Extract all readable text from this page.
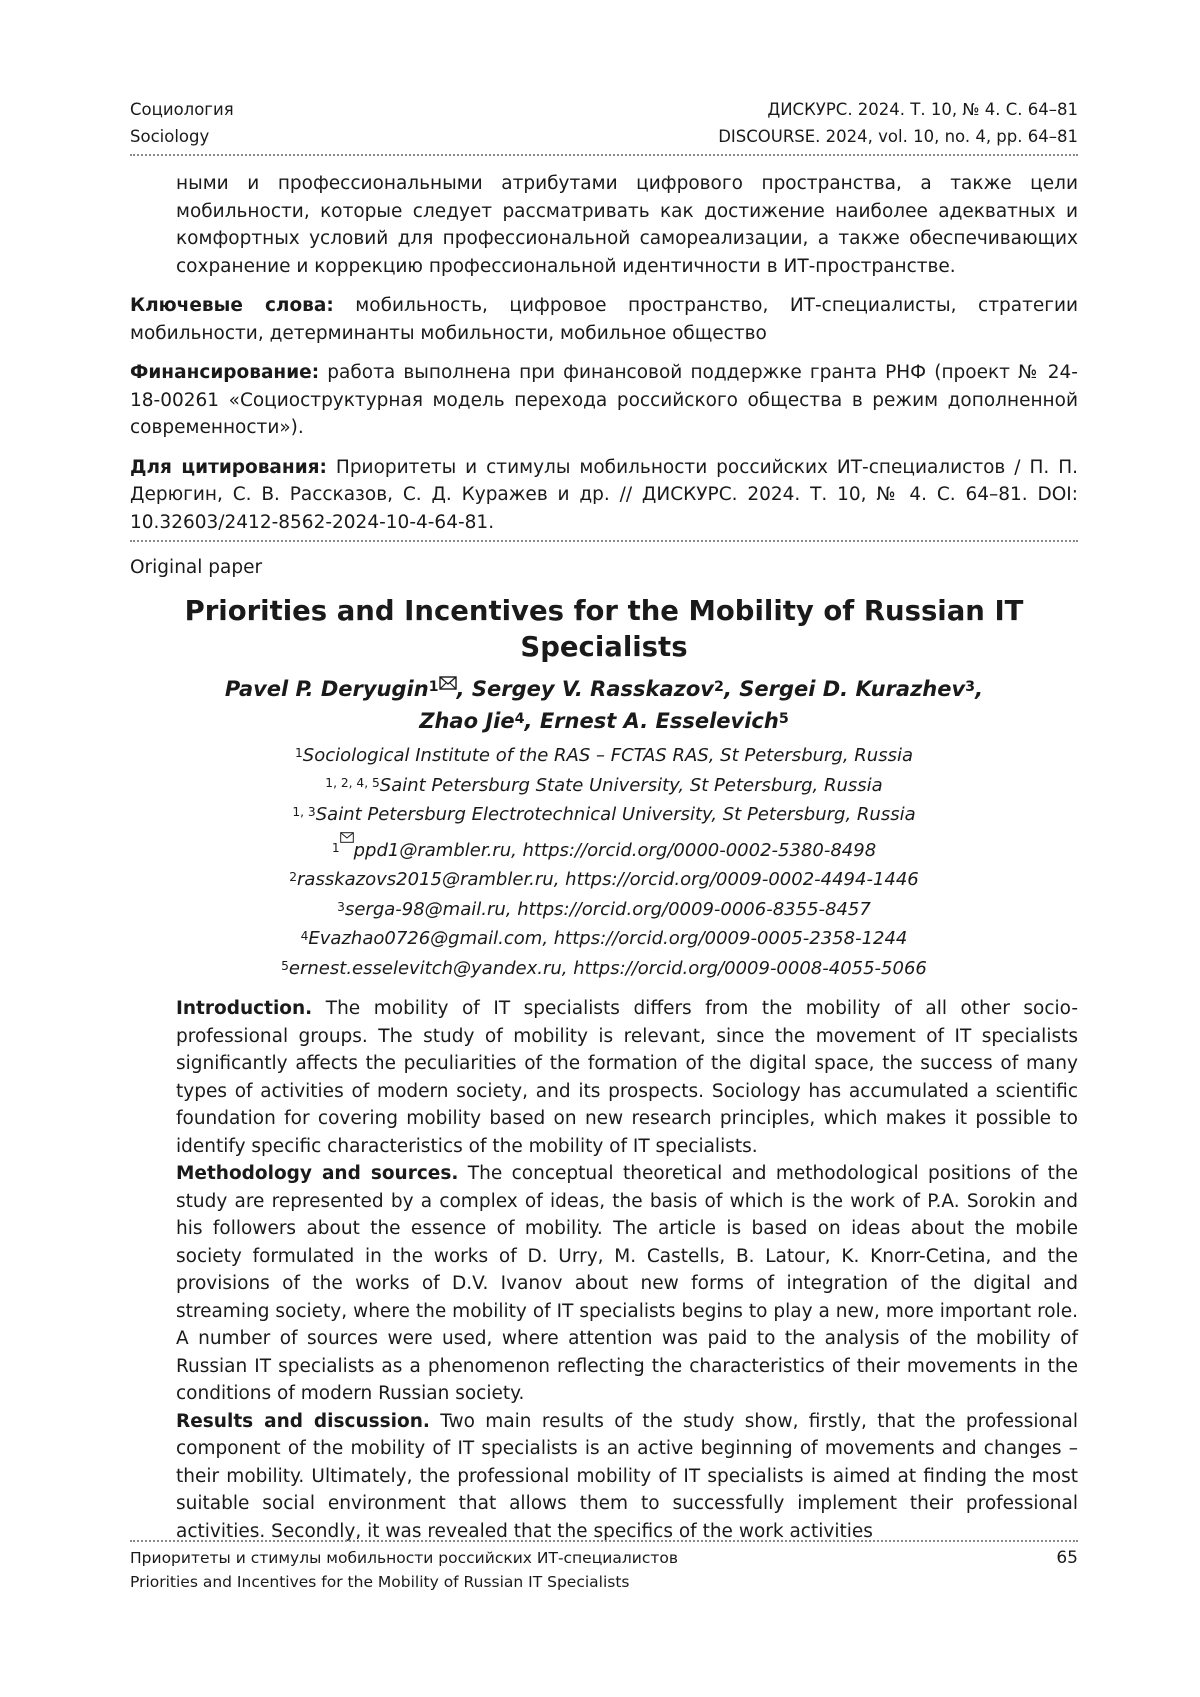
Социология
Sociology
ДИСКУРС. 2024. Т. 10, № 4. С. 64–81
DISCOURSE. 2024, vol. 10, no. 4, pp. 64–81

ными и профессиональными атрибутами цифрового пространства, а также цели мобильности, которые следует рассматривать как достижение наиболее адекватных и комфортных условий для профессиональной самореализации, а также обеспечивающих сохранение и коррекцию профессиональной идентичности в ИТ-пространстве.

Ключевые слова: мобильность, цифровое пространство, ИТ-специалисты, стратегии мобильности, детерминанты мобильности, мобильное общество

Финансирование: работа выполнена при финансовой поддержке гранта РНФ (проект № 24-18-00261 «Социоструктурная модель перехода российского общества в режим дополненной современности»).

Для цитирования: Приоритеты и стимулы мобильности российских ИТ-специалистов / П. П. Дерюгин, С. В. Рассказов, С. Д. Куражев и др. // ДИСКУРС. 2024. Т. 10, № 4. С. 64–81. DOI: 10.32603/2412-8562-2024-10-4-64-81.

Original paper
Priorities and Incentives for the Mobility of Russian IT Specialists
Pavel P. Deryugin$^1$ , Sergey V. Rasskazov$^2$, Sergei D. Kurazhev$^3$,
Zhao Jie$^4$, Ernest A. Esselevich$^5$
$^1$Sociological Institute of the RAS – FCTAS RAS, St Petersburg, Russia
$^{1, 2, 4, 5}$Saint Petersburg State University, St Petersburg, Russia
$^{1, 3}$Saint Petersburg Electrotechnical University, St Petersburg, Russia
$^1$ ppd1@rambler.ru, https://orcid.org/0000-0002-5380-8498
$^2$rasskazovs2015@rambler.ru, https://orcid.org/0009-0002-4494-1446
$^3$serga-98@mail.ru, https://orcid.org/0009-0006-8355-8457
$^4$Evazhao0726@gmail.com, https://orcid.org/0009-0005-2358-1244
$^5$ernest.esselevitch@yandex.ru, https://orcid.org/0009-0008-4055-5066

Introduction. The mobility of IT specialists differs from the mobility of all other socio-professional groups. The study of mobility is relevant, since the movement of IT specialists significantly affects the peculiarities of the formation of the digital space, the success of many types of activities of modern society, and its prospects. Sociology has accumulated a scientific foundation for covering mobility based on new research principles, which makes it possible to identify specific characteristics of the mobility of IT specialists.

Methodology and sources. The conceptual theoretical and methodological positions of the study are represented by a complex of ideas, the basis of which is the work of P.A. Sorokin and his followers about the essence of mobility. The article is based on ideas about the mobile society formulated in the works of D. Urry, M. Castells, B. Latour, K. Knorr-Cetina, and the provisions of the works of D.V. Ivanov about new forms of integration of the digital and streaming society, where the mobility of IT specialists begins to play a new, more important role. A number of sources were used, where attention was paid to the analysis of the mobility of Russian IT specialists as a phenomenon reflecting the characteristics of their movements in the conditions of modern Russian society.

Results and discussion. Two main results of the study show, firstly, that the professional component of the mobility of IT specialists is an active beginning of movements and changes – their mobility. Ultimately, the professional mobility of IT specialists is aimed at finding the most suitable social environment that allows them to successfully implement their professional activities. Secondly, it was revealed that the specifics of the work activities

Приоритеты и стимулы мобильности российских ИТ-специалистов
Priorities and Incentives for the Mobility of Russian IT Specialists
65
